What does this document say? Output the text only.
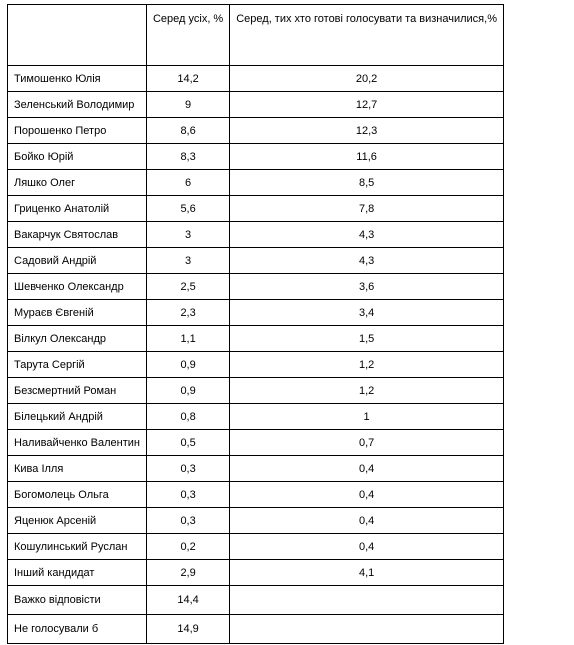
	Серед усіх, %	Серед, тих хто готові голосувати та визначилися,%
Тимошенко Юлія	14,2	20,2
Зеленський Володимир	9	12,7
Порошенко Петро	8,6	12,3
Бойко Юрій	8,3	11,6
Ляшко Олег	6	8,5
Гриценко Анатолій	5,6	7,8
Вакарчук Святослав	3	4,3
Садовий Андрій	3	4,3
Шевченко Олександр	2,5	3,6
Мураєв Євгеній	2,3	3,4
Вілкул Олександр	1,1	1,5
Тарута Сергій	0,9	1,2
Безсмертний Роман	0,9	1,2
Білецький Андрій	0,8	1
Наливайченко Валентин	0,5	0,7
Кива Ілля	0,3	0,4
Богомолець Ольга	0,3	0,4
Яценюк Арсеній	0,3	0,4
Кошулинський Руслан	0,2	0,4
Інший кандидат	2,9	4,1
Важко відповісти	14,4	
Не голосували б	14,9	
